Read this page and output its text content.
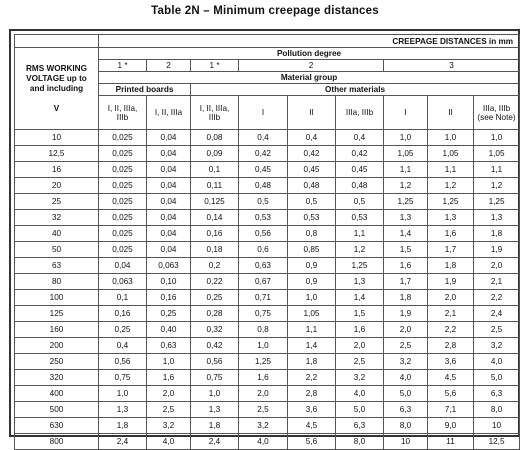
Table 2N – Minimum creepage distances
	CREEPAGE DISTANCES in mm								

RMS WORKING
VOLTAGE up to
and including
V	Pollution degree								
	1 *	2	1 *	2			3		
	Material group								
	Printed boards		Other materials						
	I, II, IIIa, IIIb	I, II, IIIa	I, II, IIIa, IIIb	I	II	IIIa, IIIb	I	II	IIIa, IIIb (see Note)
10	0,025	0,04	0,08	0,4	0,4	0,4	1,0	1,0	1,0
12,5	0,025	0,04	0,09	0,42	0,42	0,42	1,05	1,05	1,05
16	0,025	0,04	0,1	0,45	0,45	0,45	1,1	1,1	1,1
20	0,025	0,04	0,11	0,48	0,48	0,48	1,2	1,2	1,2
25	0,025	0,04	0,125	0,5	0,5	0,5	1,25	1,25	1,25
32	0,025	0,04	0,14	0,53	0,53	0,53	1,3	1,3	1,3
40	0,025	0,04	0,16	0,56	0,8	1,1	1,4	1,6	1,8
50	0,025	0,04	0,18	0,6	0,85	1,2	1,5	1,7	1,9
63	0,04	0,063	0,2	0,63	0,9	1,25	1,6	1,8	2,0
80	0,063	0,10	0,22	0,67	0,9	1,3	1,7	1,9	2,1
100	0,1	0,16	0,25	0,71	1,0	1,4	1,8	2,0	2,2
125	0,16	0,25	0,28	0,75	1,05	1,5	1,9	2,1	2,4
160	0,25	0,40	0,32	0,8	1,1	1,6	2,0	2,2	2,5
200	0,4	0,63	0,42	1,0	1,4	2,0	2,5	2,8	3,2
250	0,56	1,0	0,56	1,25	1,8	2,5	3,2	3,6	4,0
320	0,75	1,6	0,75	1,6	2,2	3,2	4,0	4,5	5,0
400	1,0	2,0	1,0	2,0	2,8	4,0	5,0	5,6	6,3
500	1,3	2,5	1,3	2,5	3,6	5,0	6,3	7,1	8,0
630	1,8	3,2	1,8	3,2	4,5	6,3	8,0	9,0	10
800	2,4	4,0	2,4	4,0	5,6	8,0	10	11	12,5
